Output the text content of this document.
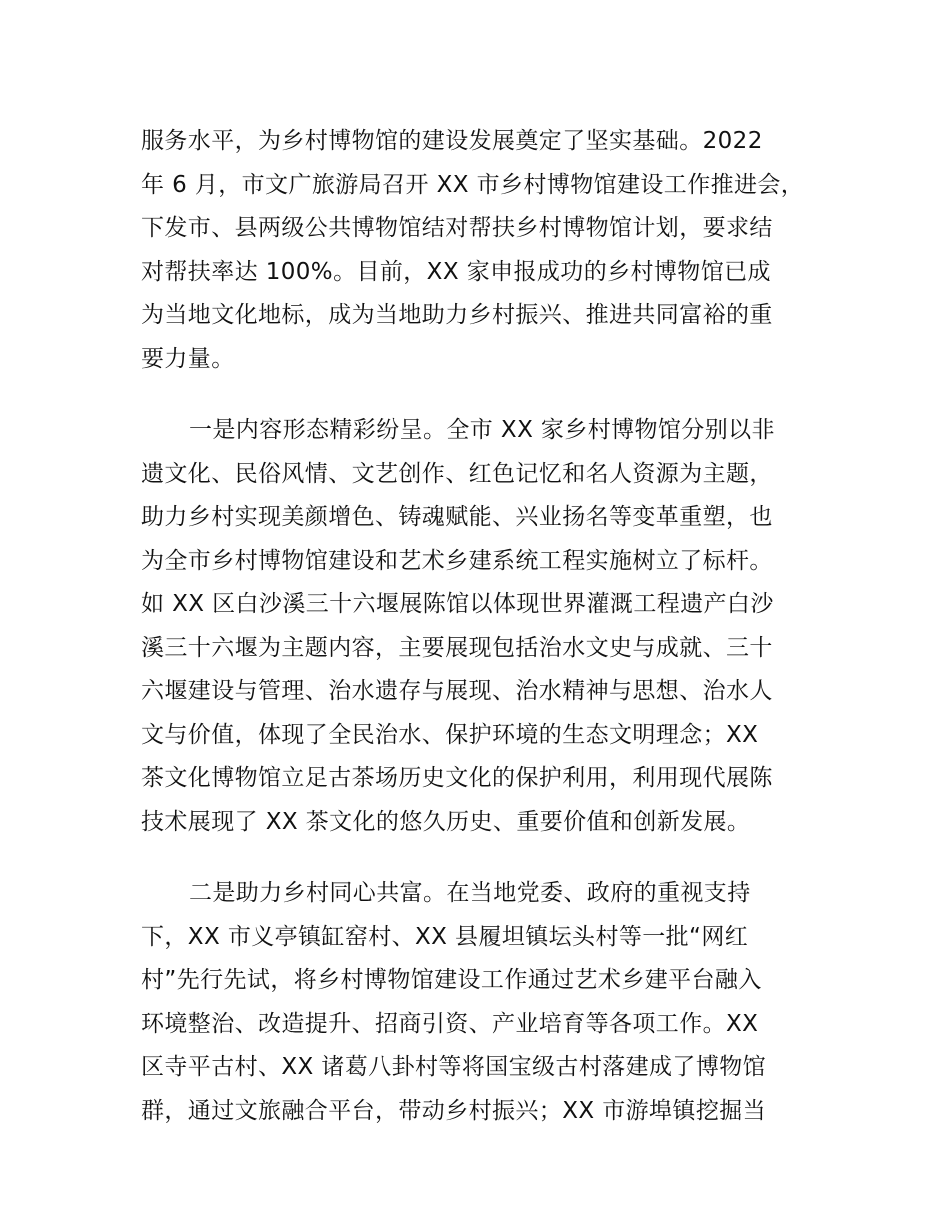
服务水平，为乡村博物馆的建设发展奠定了坚实基础。2022
年 6 月，市文广旅游局召开 XX 市乡村博物馆建设工作推进会，
下发市、县两级公共博物馆结对帮扶乡村博物馆计划，要求结
对帮扶率达 100%。目前，XX 家申报成功的乡村博物馆已成
为当地文化地标，成为当地助力乡村振兴、推进共同富裕的重
要力量。
一是内容形态精彩纷呈。全市 XX 家乡村博物馆分别以非
遗文化、民俗风情、文艺创作、红色记忆和名人资源为主题，
助力乡村实现美颜增色、铸魂赋能、兴业扬名等变革重塑，也
为全市乡村博物馆建设和艺术乡建系统工程实施树立了标杆。
如 XX 区白沙溪三十六堰展陈馆以体现世界灌溉工程遗产白沙
溪三十六堰为主题内容，主要展现包括治水文史与成就、三十
六堰建设与管理、治水遗存与展现、治水精神与思想、治水人
文与价值，体现了全民治水、保护环境的生态文明理念；XX
茶文化博物馆立足古茶场历史文化的保护利用，利用现代展陈
技术展现了 XX 茶文化的悠久历史、重要价值和创新发展。
二是助力乡村同心共富。在当地党委、政府的重视支持
下，XX 市义亭镇缸窑村、XX 县履坦镇坛头村等一批“网红
村”先行先试，将乡村博物馆建设工作通过艺术乡建平台融入
环境整治、改造提升、招商引资、产业培育等各项工作。XX
区寺平古村、XX 诸葛八卦村等将国宝级古村落建成了博物馆
群，通过文旅融合平台，带动乡村振兴；XX 市游埠镇挖掘当
